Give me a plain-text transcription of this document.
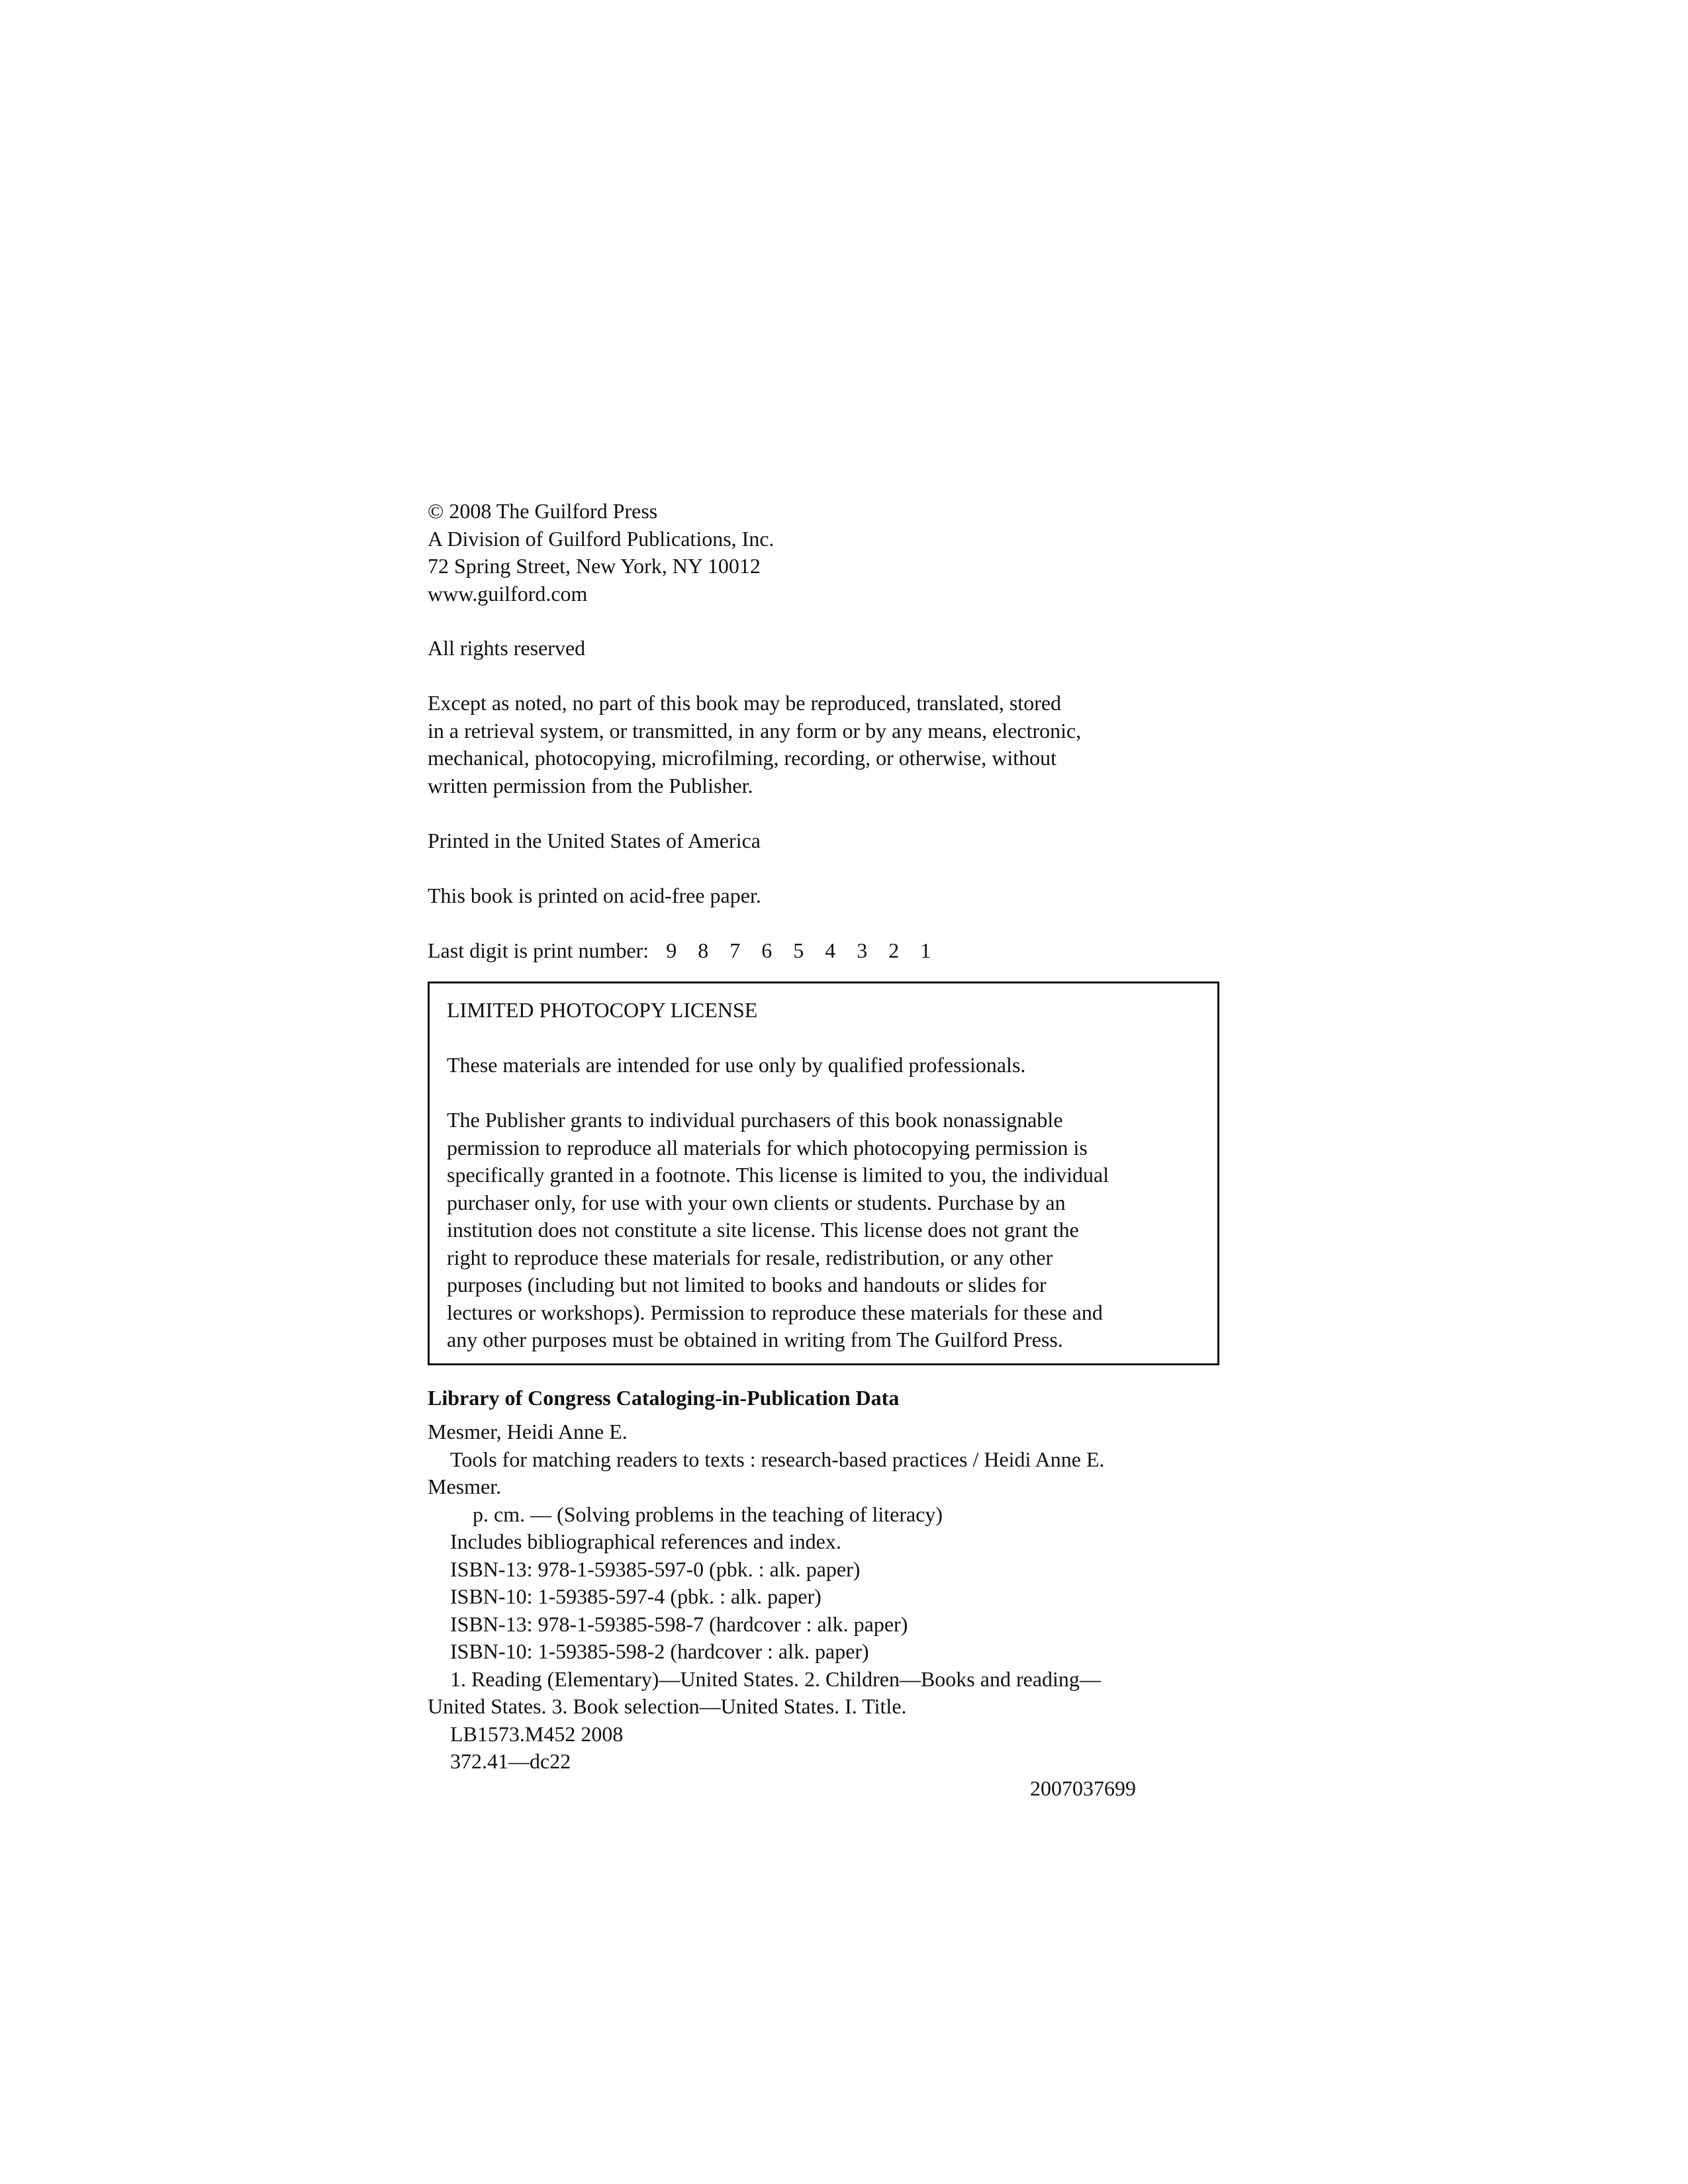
© 2008 The Guilford Press
A Division of Guilford Publications, Inc.
72 Spring Street, New York, NY 10012
www.guilford.com
All rights reserved
Except as noted, no part of this book may be reproduced, translated, stored
in a retrieval system, or transmitted, in any form or by any means, electronic,
mechanical, photocopying, microfilming, recording, or otherwise, without
written permission from the Publisher.
Printed in the United States of America
This book is printed on acid-free paper.
Last digit is print number: 9 8 7 6 5 4 3 2 1
LIMITED PHOTOCOPY LICENSE
These materials are intended for use only by qualified professionals.
The Publisher grants to individual purchasers of this book nonassignable
permission to reproduce all materials for which photocopying permission is
specifically granted in a footnote. This license is limited to you, the individual
purchaser only, for use with your own clients or students. Purchase by an
institution does not constitute a site license. This license does not grant the
right to reproduce these materials for resale, redistribution, or any other
purposes (including but not limited to books and handouts or slides for
lectures or workshops). Permission to reproduce these materials for these and
any other purposes must be obtained in writing from The Guilford Press.
Library of Congress Cataloging-in-Publication Data
Mesmer, Heidi Anne E.
Tools for matching readers to texts : research-based practices / Heidi Anne E.
Mesmer.
p. cm. — (Solving problems in the teaching of literacy)
Includes bibliographical references and index.
ISBN-13: 978-1-59385-597-0 (pbk. : alk. paper)
ISBN-10: 1-59385-597-4 (pbk. : alk. paper)
ISBN-13: 978-1-59385-598-7 (hardcover : alk. paper)
ISBN-10: 1-59385-598-2 (hardcover : alk. paper)
1. Reading (Elementary)—United States. 2. Children—Books and reading—
United States. 3. Book selection—United States. I. Title.
LB1573.M452 2008
372.41—dc22
2007037699
